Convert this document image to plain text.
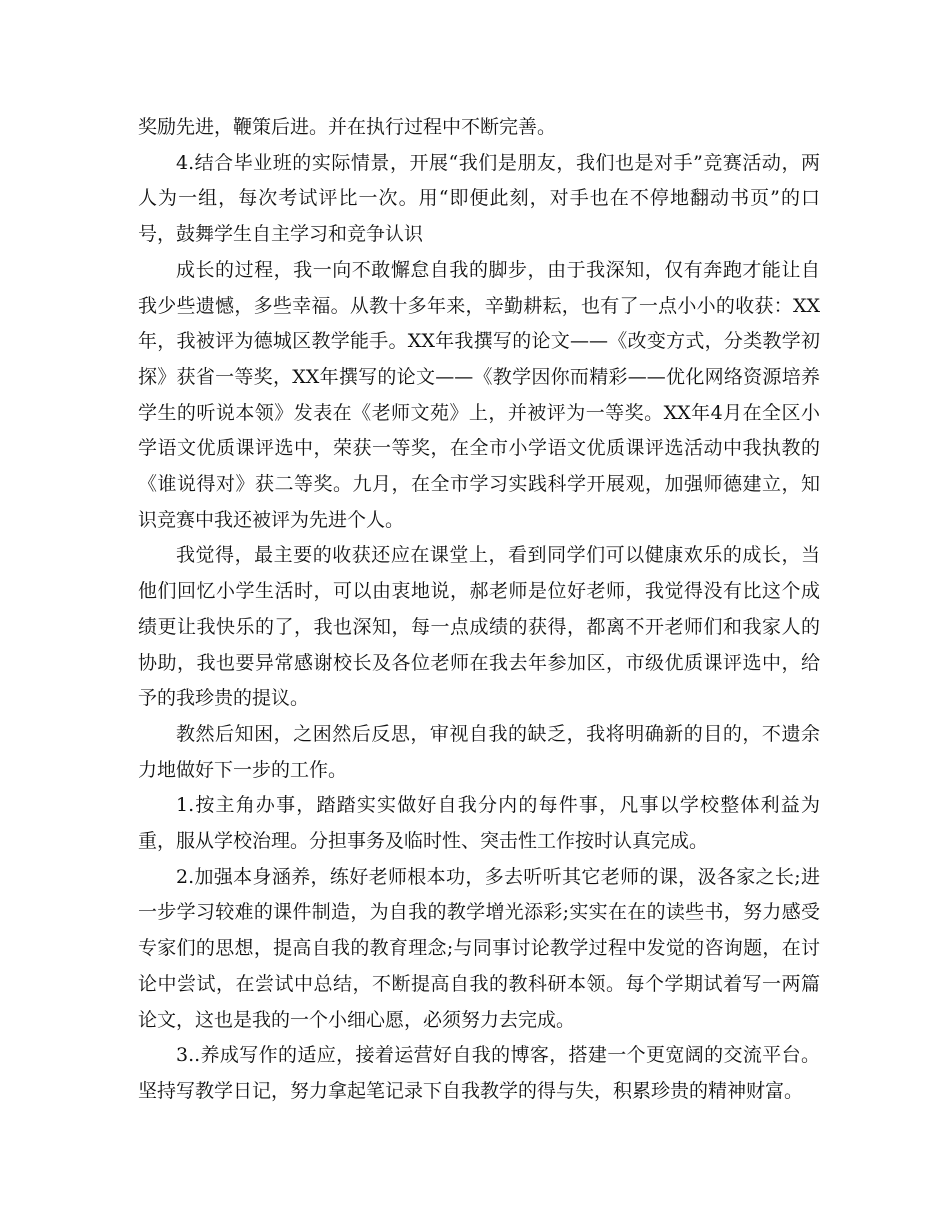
奖励先进，鞭策后进。并在执行过程中不断完善。

4.结合毕业班的实际情景，开展“我们是朋友，我们也是对手”竞赛活动，两人为一组，每次考试评比一次。用“即便此刻，对手也在不停地翻动书页”的口号，鼓舞学生自主学习和竞争认识

成长的过程，我一向不敢懈怠自我的脚步，由于我深知，仅有奔跑才能让自我少些遗憾，多些幸福。从教十多年来，辛勤耕耘，也有了一点小小的收获：XX年，我被评为德城区教学能手。XX年我撰写的论文——《改变方式，分类教学初探》获省一等奖，XX年撰写的论文——《教学因你而精彩——优化网络资源培养学生的听说本领》发表在《老师文苑》上，并被评为一等奖。XX年4月在全区小学语文优质课评选中，荣获一等奖，在全市小学语文优质课评选活动中我执教的《谁说得对》获二等奖。九月，在全市学习实践科学开展观，加强师德建立，知识竞赛中我还被评为先进个人。

我觉得，最主要的收获还应在课堂上，看到同学们可以健康欢乐的成长，当他们回忆小学生活时，可以由衷地说，郝老师是位好老师，我觉得没有比这个成绩更让我快乐的了，我也深知，每一点成绩的获得，都离不开老师们和我家人的协助，我也要异常感谢校长及各位老师在我去年参加区，市级优质课评选中，给予的我珍贵的提议。

教然后知困，之困然后反思，审视自我的缺乏，我将明确新的目的，不遗余力地做好下一步的工作。

1.按主角办事，踏踏实实做好自我分内的每件事，凡事以学校整体利益为重，服从学校治理。分担事务及临时性、突击性工作按时认真完成。

2.加强本身涵养，练好老师根本功，多去听听其它老师的课，汲各家之长;进一步学习较难的课件制造，为自我的教学增光添彩;实实在在的读些书，努力感受专家们的思想，提高自我的教育理念;与同事讨论教学过程中发觉的咨询题，在讨论中尝试，在尝试中总结，不断提高自我的教科研本领。每个学期试着写一两篇论文，这也是我的一个小细心愿，必须努力去完成。

3..养成写作的适应，接着运营好自我的博客，搭建一个更宽阔的交流平台。坚持写教学日记，努力拿起笔记录下自我教学的得与失，积累珍贵的精神财富。
